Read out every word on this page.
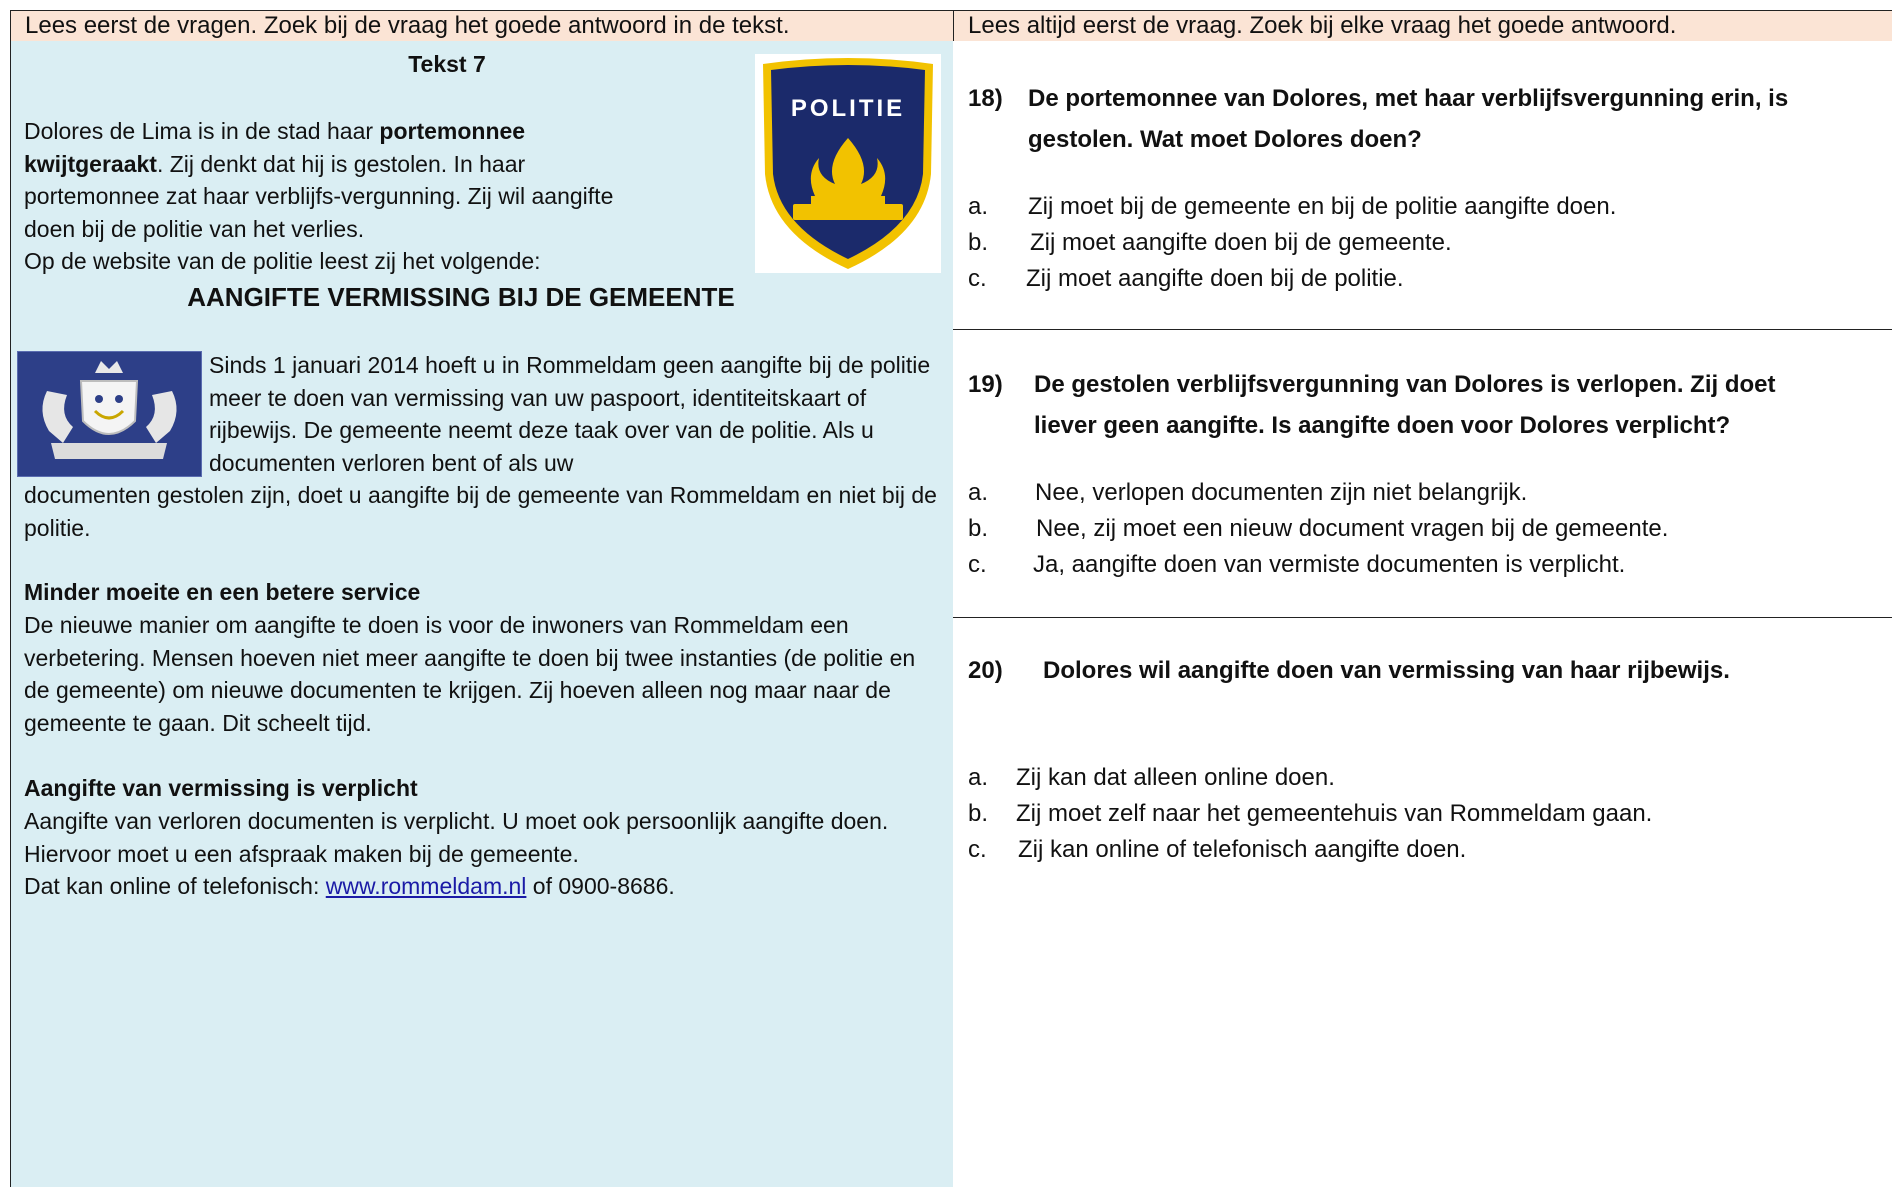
Lees eerst de vragen. Zoek bij de vraag het goede antwoord in de tekst.	Lees altijd eerst de vraag. Zoek bij elke vraag het goede antwoord.
Tekst 7
Dolores de Lima is in de stad haar portemonnee kwijtgeraakt. Zij denkt dat hij is gestolen. In haar portemonnee zat haar verblijfs-vergunning. Zij wil aangifte doen bij de politie van het verlies.
Op de website van de politie leest zij het volgende:
POLITIE
AANGIFTE VERMISSING BIJ DE GEMEENTE
Sinds 1 januari 2014 hoeft u in Rommeldam geen aangifte bij de politie meer te doen van vermissing van uw paspoort, identiteitskaart of rijbewijs. De gemeente neemt deze taak over van de politie. Als u documenten verloren bent of als uw
documenten gestolen zijn, doet u aangifte bij de gemeente van Rommeldam en niet bij de politie.
Minder moeite en een betere service
De nieuwe manier om aangifte te doen is voor de inwoners van Rommeldam een verbetering. Mensen hoeven niet meer aangifte te doen bij twee instanties (de politie en de gemeente) om nieuwe documenten te krijgen. Zij hoeven alleen nog maar naar de gemeente te gaan. Dit scheelt tijd.
Aangifte van vermissing is verplicht
Aangifte van verloren documenten is verplicht. U moet ook persoonlijk aangifte doen. Hiervoor moet u een afspraak maken bij de gemeente.
Dat kan online of telefonisch: www.rommeldam.nl of 0900-8686.
18) De portemonnee van Dolores, met haar verblijfsvergunning erin, is gestolen. Wat moet Dolores doen?
a. Zij moet bij de gemeente en bij de politie aangifte doen.
b. Zij moet aangifte doen bij de gemeente.
c. Zij moet aangifte doen bij de politie.
19) De gestolen verblijfsvergunning van Dolores is verlopen. Zij doet liever geen aangifte. Is aangifte doen voor Dolores verplicht?
a. Nee, verlopen documenten zijn niet belangrijk.
b. Nee, zij moet een nieuw document vragen bij de gemeente.
c. Ja, aangifte doen van vermiste documenten is verplicht.
20) Dolores wil aangifte doen van vermissing van haar rijbewijs.
a. Zij kan dat alleen online doen.
b. Zij moet zelf naar het gemeentehuis van Rommeldam gaan.
c. Zij kan online of telefonisch aangifte doen.
